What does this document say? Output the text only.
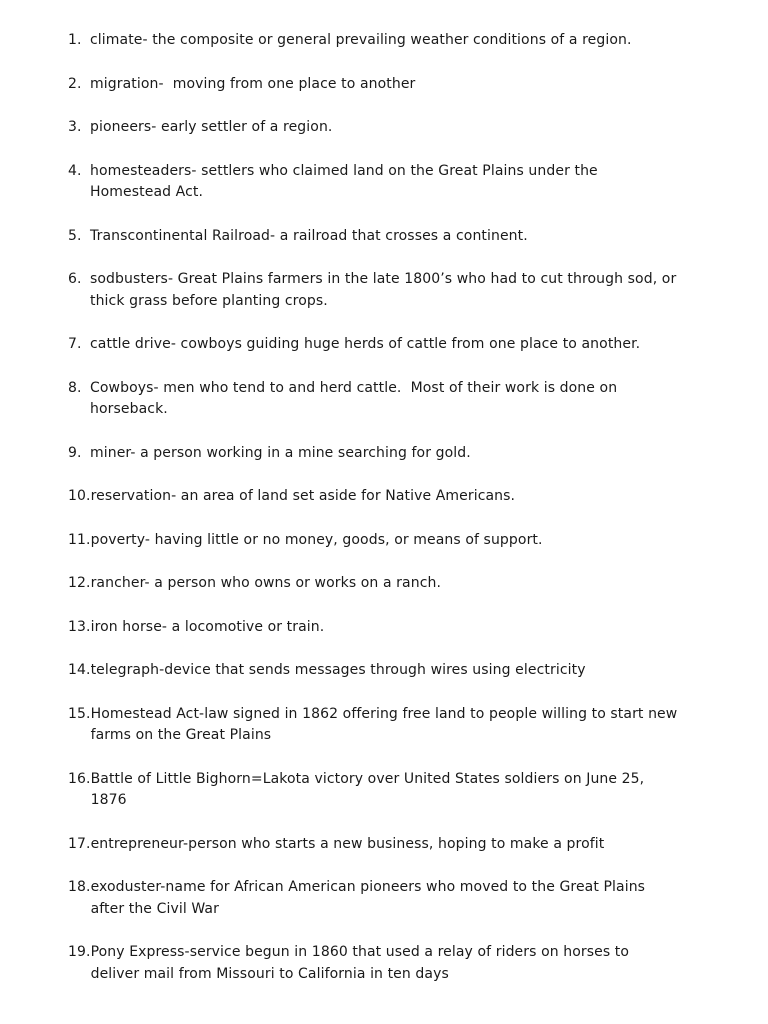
1. climate- the composite or general prevailing weather conditions of a region.
2. migration-  moving from one place to another
3. pioneers- early settler of a region.
4. homesteaders- settlers who claimed land on the Great Plains under the Homestead Act.
5. Transcontinental Railroad- a railroad that crosses a continent.
6. sodbusters- Great Plains farmers in the late 1800’s who had to cut through sod, or thick grass before planting crops.
7. cattle drive- cowboys guiding huge herds of cattle from one place to another.
8. Cowboys- men who tend to and herd cattle.  Most of their work is done on horseback.
9. miner- a person working in a mine searching for gold.
10. reservation- an area of land set aside for Native Americans.
11. poverty- having little or no money, goods, or means of support.
12. rancher- a person who owns or works on a ranch.
13. iron horse- a locomotive or train.
14. telegraph-device that sends messages through wires using electricity
15. Homestead Act-law signed in 1862 offering free land to people willing to start new farms on the Great Plains
16. Battle of Little Bighorn=Lakota victory over United States soldiers on June 25, 1876
17. entrepreneur-person who starts a new business, hoping to make a profit
18. exoduster-name for African American pioneers who moved to the Great Plains after the Civil War
19. Pony Express-service begun in 1860 that used a relay of riders on horses to deliver mail from Missouri to California in ten days
